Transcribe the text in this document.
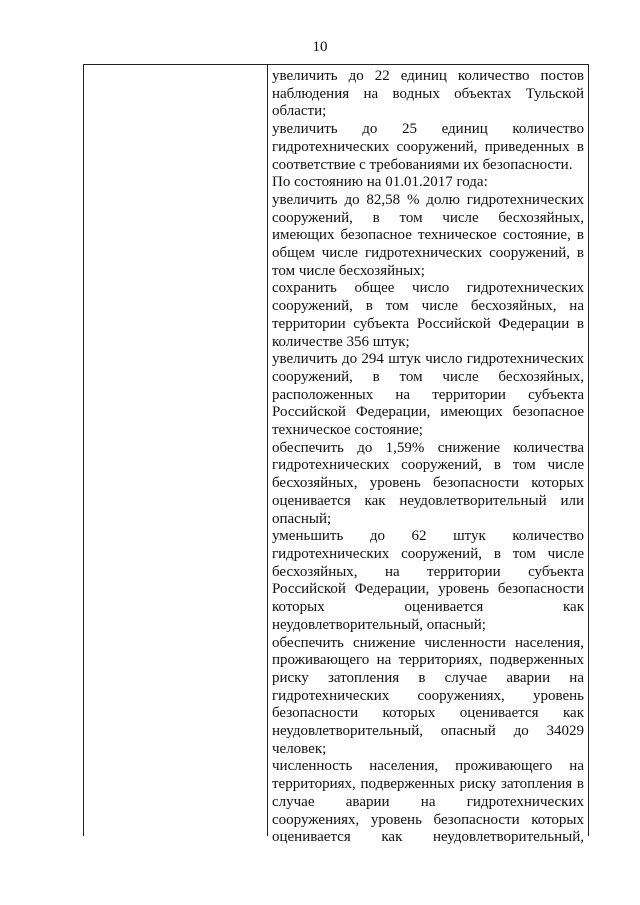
10

увеличить до 22 единиц количество постов наблюдения на водных объектах Тульской области;

увеличить до 25 единиц количество гидротехнических сооружений, приведенных в соответствие с требованиями их безопасности.

По состоянию на 01.01.2017 года:

увеличить до 82,58 % долю гидротехнических сооружений, в том числе бесхозяйных, имеющих безопасное техническое состояние, в общем числе гидротехнических сооружений, в том числе бесхозяйных;

сохранить общее число гидротехнических сооружений, в том числе бесхозяйных, на территории субъекта Российской Федерации в количестве 356 штук;

увеличить до 294 штук число гидротехнических сооружений, в том числе бесхозяйных, расположенных на территории субъекта Российской Федерации, имеющих безопасное техническое состояние;

обеспечить до 1,59% снижение количества гидротехнических сооружений, в том числе бесхозяйных, уровень безопасности которых оценивается как неудовлетворительный или опасный;

уменьшить до 62 штук количество гидротехнических сооружений, в том числе бесхозяйных, на территории субъекта Российской Федерации, уровень безопасности которых оценивается как неудовлетворительный, опасный;

обеспечить снижение численности населения, проживающего на территориях, подверженных риску затопления в случае аварии на гидротехнических сооружениях, уровень безопасности которых оценивается как неудовлетворительный, опасный до 34029 человек;

численность населения, проживающего на территориях, подверженных риску затопления в случае аварии на гидротехнических сооружениях, уровень безопасности которых оценивается как неудовлетворительный,
